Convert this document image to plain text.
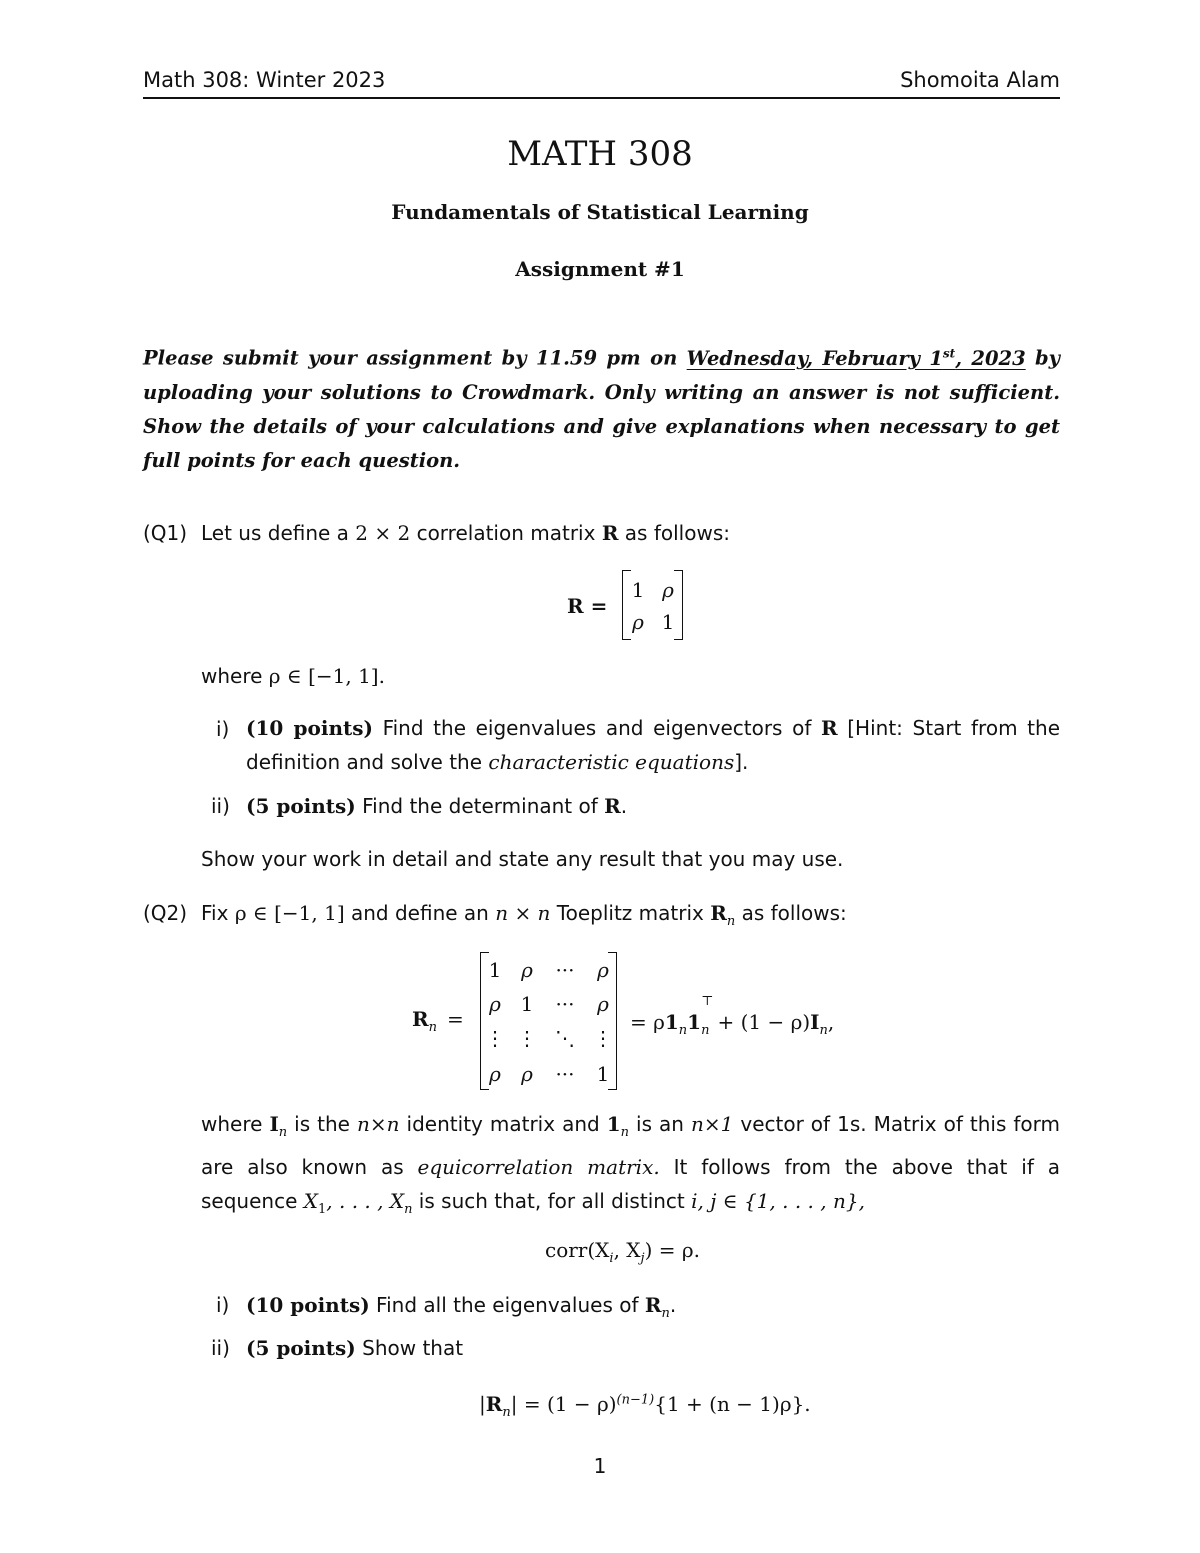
Math 308: Winter 2023	Shomoita Alam
MATH 308
Fundamentals of Statistical Learning
Assignment #1
Please submit your assignment by 11.59 pm on Wednesday, February 1st, 2023 by uploading your solutions to Crowdmark. Only writing an answer is not sufficient. Show the details of your calculations and give explanations when necessary to get full points for each question.
(Q1) Let us define a 2 × 2 correlation matrix R as follows:
R =
1 ρ
ρ 1
where ρ ∈ [−1, 1].
i) (10 points) Find the eigenvalues and eigenvectors of R [Hint: Start from the definition and solve the characteristic equations].
ii) (5 points) Find the determinant of R.
Show your work in detail and state any result that you may use.
(Q2) Fix ρ ∈ [−1, 1] and define an n × n Toeplitz matrix $R_n$ as follows:
$R_n$ =
1 ρ ··· ρ
ρ 1 ··· ρ
⋮ ⋮ ⋱ ⋮
ρ ρ ··· 1
= $\rho 1_n1$
⊤
$_n + (1 - \rho)I_n$,
where $I_n$ is the n×n identity matrix and $1_n$ is an n×1 vector of 1s. Matrix of this form are also known as equicorrelation matrix. It follows from the above that if a sequence $X_1$, . . . , $X_n$ is such that, for all distinct i, j ∈ {1, . . . , n},
$corr(X_i$, $X_j) = \rho$.
i) (10 points) Find all the eigenvalues of $R_n$.
ii) (5 points) Show that
$|R_n| = (1 - \rho)^{(n-1)}\{1 + (n - 1)\rho\}$.
1
